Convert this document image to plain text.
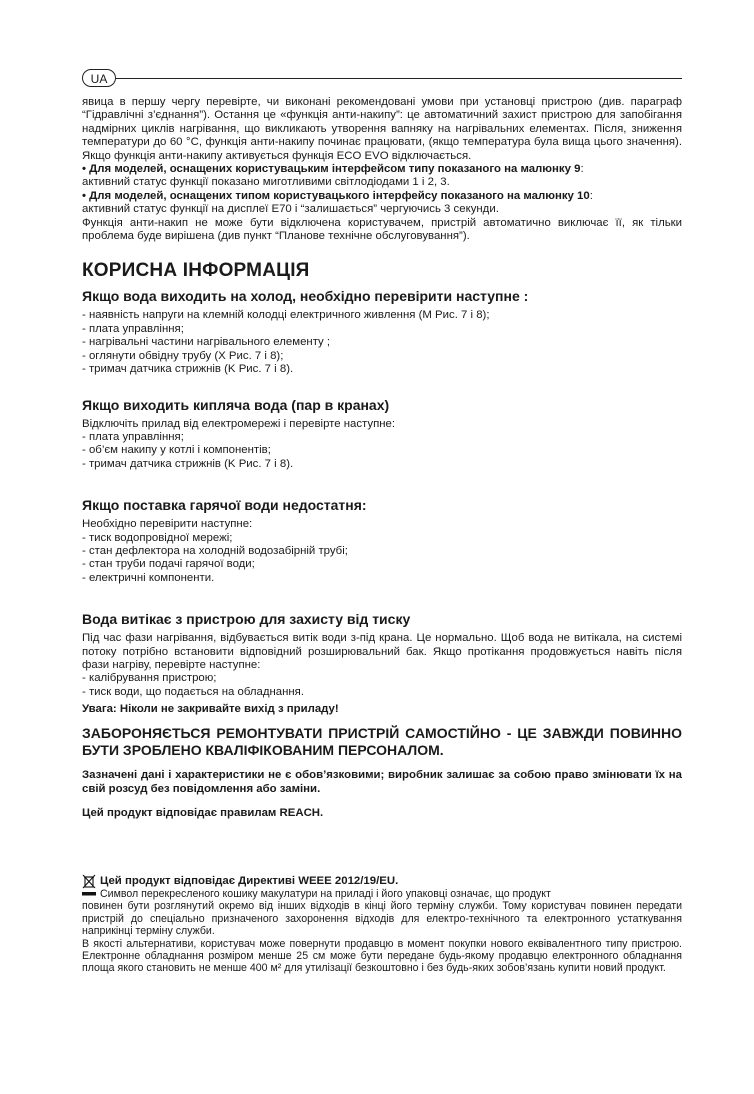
UA

явица в першу чергу перевірте, чи виконані рекомендовані умови при установці пристрою (див. параграф “Гідравлічні з’єднання”). Остання це «функція анти-накипу”: це автоматичний захист пристрою для запобігання надмірних циклів нагрівання, що викликають утворення вапняку на нагрівальних елементах. Після, зниження температури до 60 °C, функція анти-накипу починає працювати, (якщо температура була вища цього значення). Якщо функція анти-накипу активується функція ECO EVO відключається.

• Для моделей, оснащених користувацьким інтерфейсом типу показаного на малюнку 9:
активний статус функції показано миготливими світлодіодами 1 і 2, 3.

• Для моделей, оснащених типом користувацького інтерфейсу показаного на малюнку 10:
активний статус функції на дисплеї E70 і “залишається” чергуючись 3 секунди.

Функція анти-накип не може бути відключена користувачем, пристрій автоматично виключає її, як тільки проблема буде вирішена (див пункт “Планове технічне обслуговування”).

КОРИСНА ІНФОРМАЦІЯ
Якщо вода виходить на холод, необхідно перевірити наступне :
- наявність напруги на клемній колодці електричного живлення (M Рис. 7 і 8);
- плата управління;
- нагрівальні частини нагрівального елементу ;
- оглянути обвідну трубу (X Рис. 7 і 8);
- тримач датчика стрижнів (K Рис. 7 і 8).
Якщо виходить кипляча вода (пар в кранах)

Відключіть прилад від електромережі і перевірте наступне:

- плата управління;
- об’єм накипу у котлі і компонентів;
- тримач датчика стрижнів (K Рис. 7 і 8).
Якщо поставка гарячої води недостатня:

Необхідно перевірити наступне:

- тиск водопровідної мережі;
- стан дефлектора на холодній водозабірній трубі;
- стан труби подачі гарячої води;
- електричні компоненти.
Вода витікає з пристрою для захисту від тиску

Під час фази нагрівання, відбувається витік води з-під крана. Це нормально. Щоб вода не витікала, на системі потоку потрібно встановити відповідний розширювальний бак. Якщо протікання продовжується навіть після фази нагріву, перевірте наступне:

- калібрування пристрою;
- тиск води, що подається на обладнання.
Увага: Ніколи не закривайте вихід з приладу!
ЗАБОРОНЯЄТЬСЯ РЕМОНТУВАТИ ПРИСТРІЙ САМОСТІЙНО - ЦЕ ЗАВЖДИ ПОВИННО БУТИ ЗРОБЛЕНО КВАЛІФІКОВАНИМ ПЕРСОНАЛОМ.
Зазначені дані і характеристики не є обов’язковими; виробник залишає за собою право змінювати їх на свій розсуд без повідомлення або заміни.
Цей продукт відповідає правилам REACH.
Цей продукт відповідає Директиві WEEE 2012/19/EU.

Символ перекресленого кошику макулатури на приладі і його упаковці означає, що продукт

повинен бути розглянутий окремо від інших відходів в кінці його терміну служби. Тому користувач повинен передати пристрій до спеціально призначеного захоронення відходів для електро-технічного та електронного устаткування наприкінці терміну служби.

В якості альтернативи, користувач може повернути продавцю в момент покупки нового еквівалентного типу пристрою. Електронне обладнання розміром менше 25 см може бути передане будь-якому продавцю електронного обладнання площа якого становить не менше 400 м² для утилізації безкоштовно і без будь-яких зобов’язань купити новий продукт.
